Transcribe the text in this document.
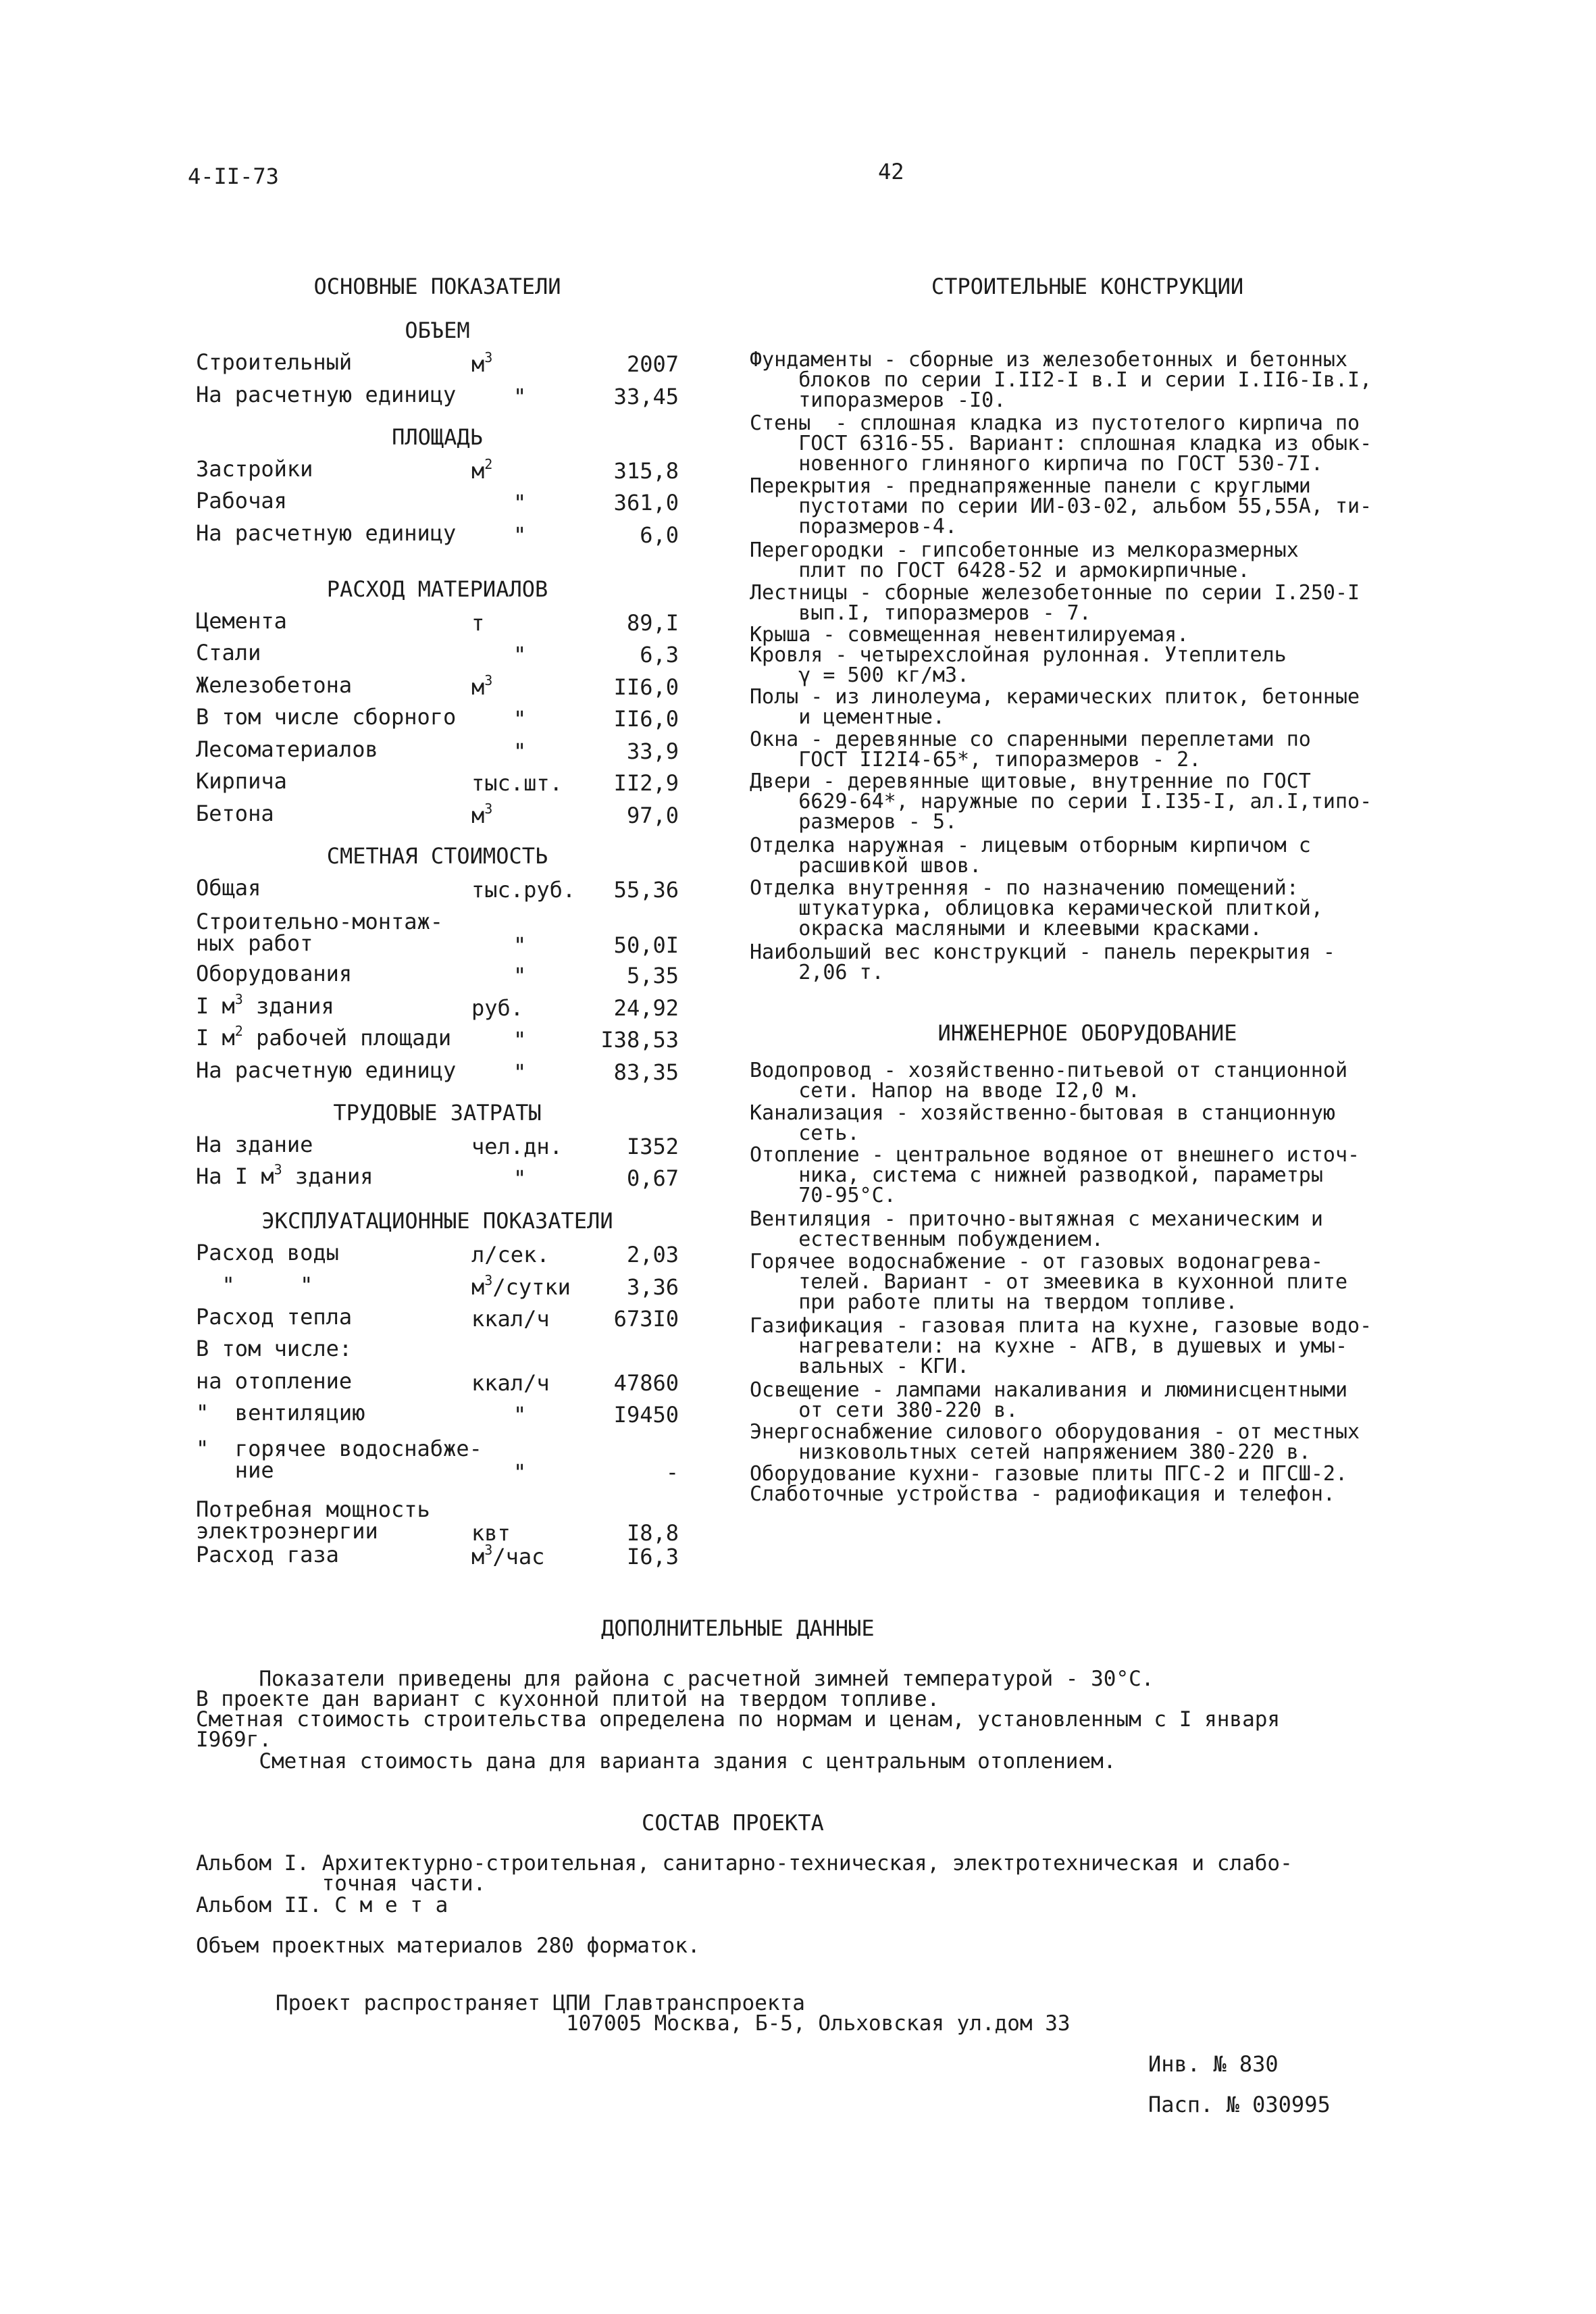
4-II-73	42
ОСНОВНЫЕ ПОКАЗАТЕЛИ
ОБЪЕМ
Строительный	$м^3$	2007
На расчетную единицу	"	33,45
ПЛОЩАДЬ
Застройки	$м^2$	315,8
Рабочая	"	361,0
На расчетную единицу	"	6,0
РАСХОД МАТЕРИАЛОВ
Цемента	т	89,I
Стали	"	6,3
Железобетона	$м^3$	II6,0
В том числе сборного	"	II6,0
Лесоматериалов	"	33,9
Кирпича	тыс.шт.	II2,9
Бетона	$м^3$	97,0
СМЕТНАЯ СТОИМОСТЬ
Общая	тыс.руб. 55,36
Строительно-монтаж-
ных работ	"	50,0I
Оборудования	"	5,35
I $м^3$ здания	руб.	24,92
I $м^2$ рабочей площади	"	I38,53
На расчетную единицу	"	83,35
ТРУДОВЫЕ ЗАТРАТЫ
На здание	чел.дн.	I352
На I $м^3$ здания	"	0,67
ЭКСПЛУАТАЦИОННЫЕ ПОКАЗАТЕЛИ
Расход воды	л/сек.	2,03
"     "	$м^3$/сутки	3,36
Расход тепла	ккал/ч	673I0
В том числе:
на отопление	ккал/ч	47860
"  вентиляцию	"	I9450
"  горячее водоснабже-
ние	"	-
Потребная мощность
электроэнергии	квт	I8,8
Расход газа	$м^3$/час	I6,3
СТРОИТЕЛЬНЫЕ КОНСТРУКЦИИ
Фундаменты - сборные из железобетонных и бетонных
блоков по серии I.II2-I в.I и серии I.II6-Iв.I,
типоразмеров -I0.
Стены  - сплошная кладка из пустотелого кирпича по
ГОСТ 6316-55. Вариант: сплошная кладка из обык-
новенного глиняного кирпича по ГОСТ 530-7I.
Перекрытия - преднапряженные панели с круглыми
пустотами по серии ИИ-03-02, альбом 55,55А, ти-
поразмеров-4.
Перегородки - гипсобетонные из мелкоразмерных
плит по ГОСТ 6428-52 и армокирпичные.
Лестницы - сборные железобетонные по серии I.250-I
вып.I, типоразмеров - 7.
Крыша - совмещенная невентилируемая.
Кровля - четырехслойная рулонная. Утеплитель
γ = 500 кг/м3.
Полы - из линолеума, керамических плиток, бетонные
и цементные.
Окна - деревянные со спаренными переплетами по
ГОСТ II2I4-65*, типоразмеров - 2.
Двери - деревянные щитовые, внутренние по ГОСТ
6629-64*, наружные по серии I.I35-I, ал.I,типо-
размеров - 5.
Отделка наружная - лицевым отборным кирпичом с
расшивкой швов.
Отделка внутренняя - по назначению помещений:
штукатурка, облицовка керамической плиткой,
окраска масляными и клеевыми красками.
Наибольший вес конструкций - панель перекрытия -
2,06 т.
ИНЖЕНЕРНОЕ ОБОРУДОВАНИЕ
Водопровод - хозяйственно-питьевой от станционной
сети. Напор на вводе I2,0 м.
Канализация - хозяйственно-бытовая в станционную
сеть.
Отопление - центральное водяное от внешнего источ-
ника, система с нижней разводкой, параметры
70-95°С.
Вентиляция - приточно-вытяжная с механическим и
естественным побуждением.
Горячее водоснабжение - от газовых водонагрева-
телей. Вариант - от змеевика в кухонной плите
при работе плиты на твердом топливе.
Газификация - газовая плита на кухне, газовые водо-
нагреватели: на кухне - АГВ, в душевых и умы-
вальных - КГИ.
Освещение - лампами накаливания и люминисцентными
от сети 380-220 в.
Энергоснабжение силового оборудования - от местных
низковольтных сетей напряжением 380-220 в.
Оборудование кухни- газовые плиты ПГС-2 и ПГСШ-2.
Слаботочные устройства - радиофикация и телефон.
ДОПОЛНИТЕЛЬНЫЕ ДАННЫЕ
Показатели приведены для района с расчетной зимней температурой - 30°С.
В проекте дан вариант с кухонной плитой на твердом топливе.
Сметная стоимость строительства определена по нормам и ценам, установленным с I января
I969г.
Сметная стоимость дана для варианта здания с центральным отоплением.
СОСТАВ ПРОЕКТА
Альбом I. Архитектурно-строительная, санитарно-техническая, электротехническая и слабо-
точная части.
Альбом II. С м е т а
Объем проектных материалов 280 форматок.
Проект распространяет ЦПИ Главтранспроекта
107005 Москва, Б-5, Ольховская ул.дом 33
Инв. № 830
Пасп. № 030995
